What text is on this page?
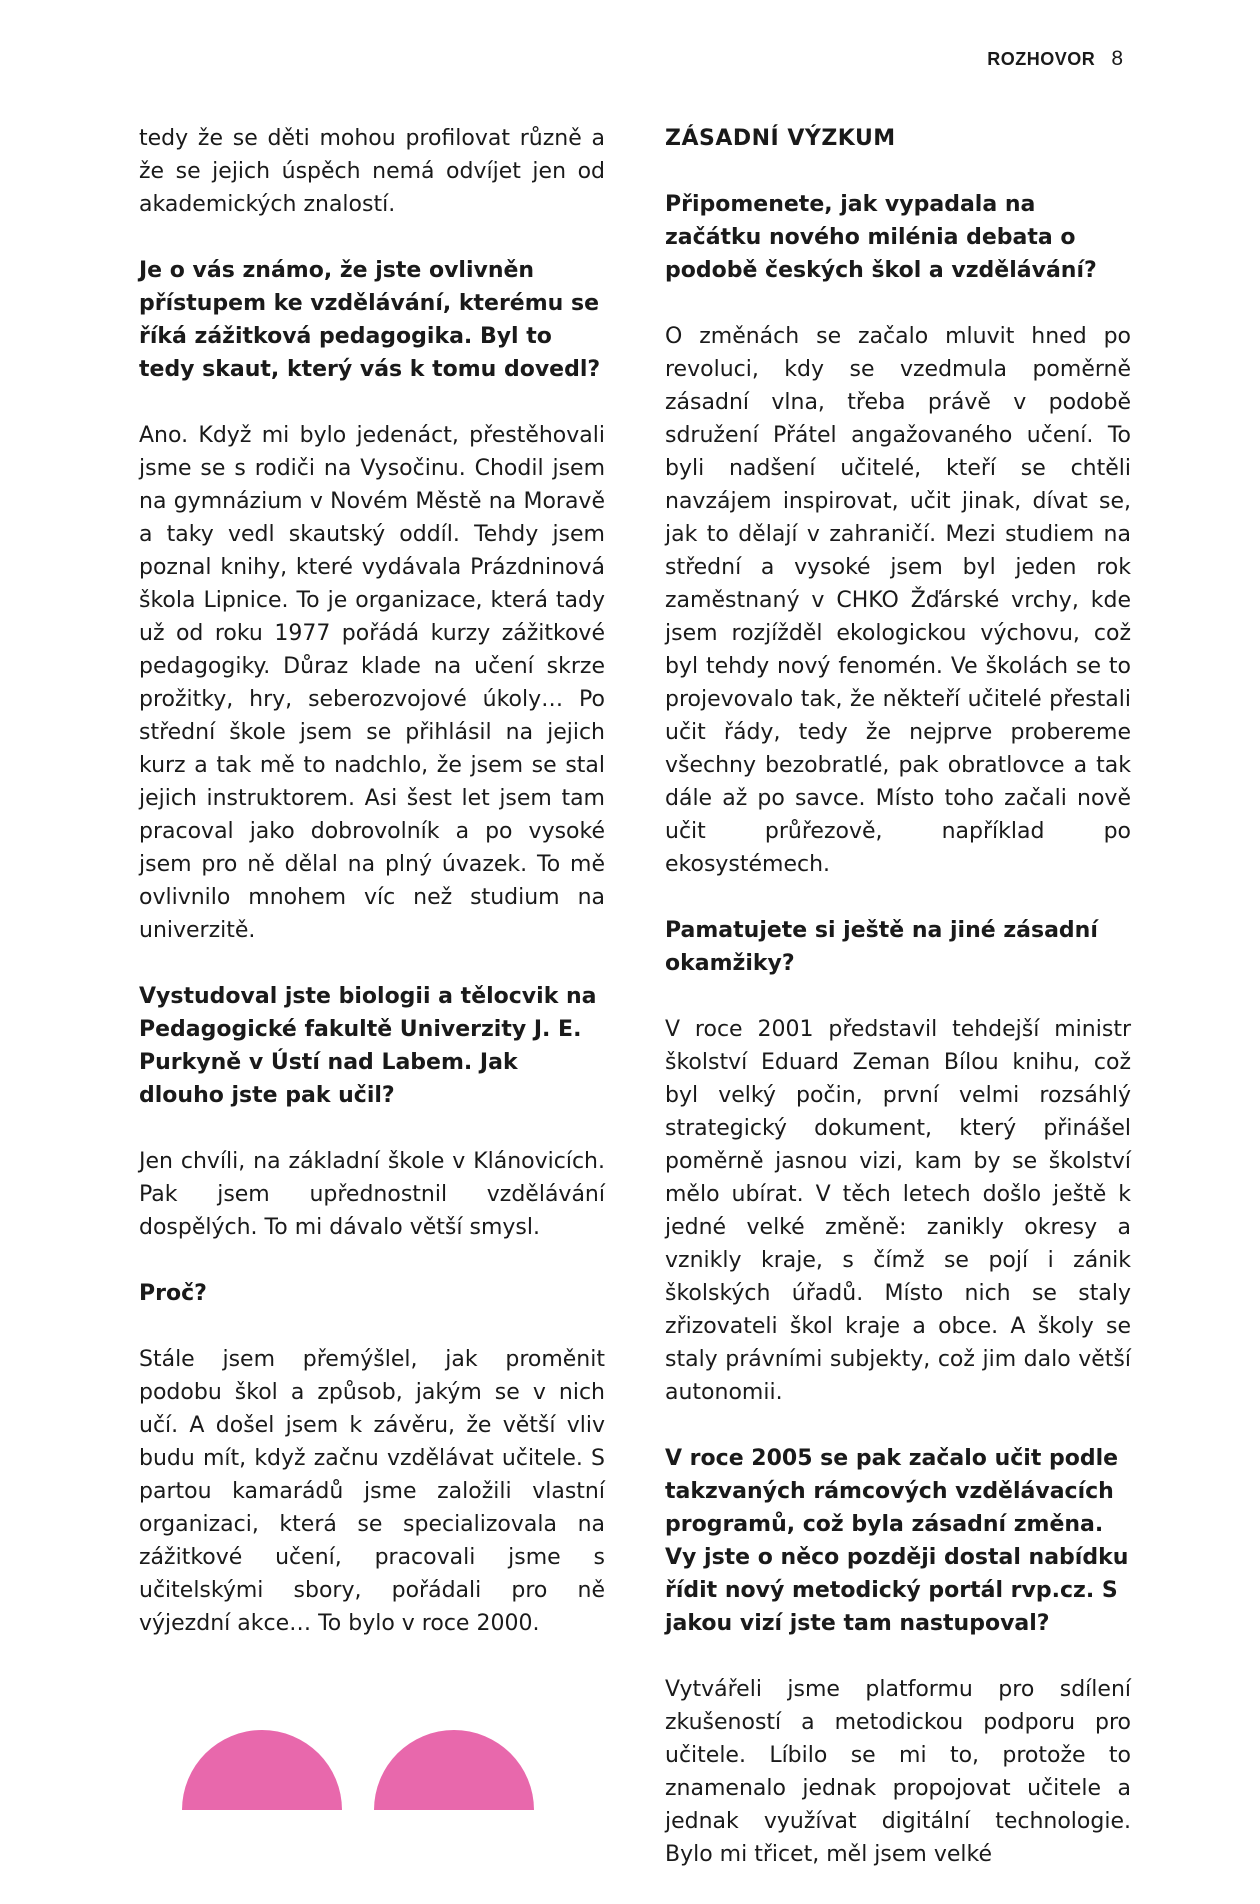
ROZHOVOR 8

tedy že se děti mohou profilovat různě a že se jejich úspěch nemá odvíjet jen od akademických znalostí.

Je o vás známo, že jste ovlivněn přístupem ke vzdělávání, kterému se říká zážitková pedagogika. Byl to tedy skaut, který vás k tomu dovedl?

Ano. Když mi bylo jedenáct, přestěhovali jsme se s rodiči na Vysočinu. Chodil jsem na gymnázium v Novém Městě na Moravě a taky vedl skautský oddíl. Tehdy jsem poznal knihy, které vydávala Prázdninová škola Lipnice. To je organizace, která tady už od roku 1977 pořádá kurzy zážitkové pedagogiky. Důraz klade na učení skrze prožitky, hry, seberozvojové úkoly… Po střední škole jsem se přihlásil na jejich kurz a tak mě to nadchlo, že jsem se stal jejich instruktorem. Asi šest let jsem tam pracoval jako dobrovolník a po vysoké jsem pro ně dělal na plný úvazek. To mě ovlivnilo mnohem víc než studium na univerzitě.

Vystudoval jste biologii a tělocvik na Pedagogické fakultě Univerzity J. E. Purkyně v Ústí nad Labem. Jak dlouho jste pak učil?

Jen chvíli, na základní škole v Klánovicích. Pak jsem upřednostnil vzdělávání dospělých. To mi dávalo větší smysl.

Proč?

Stále jsem přemýšlel, jak proměnit podobu škol a způsob, jakým se v nich učí. A došel jsem k závěru, že větší vliv budu mít, když začnu vzdělávat učitele. S partou kamarádů jsme založili vlastní organizaci, která se specializovala na zážitkové učení, pracovali jsme s učitelskými sbory, pořádali pro ně výjezdní akce… To bylo v roce 2000.

ZÁSADNÍ VÝZKUM

Připomenete, jak vypadala na začátku nového milénia debata o podobě českých škol a vzdělávání?

O změnách se začalo mluvit hned po revoluci, kdy se vzedmula poměrně zásadní vlna, třeba právě v podobě sdružení Přátel angažovaného učení. To byli nadšení učitelé, kteří se chtěli navzájem inspirovat, učit jinak, dívat se, jak to dělají v zahraničí. Mezi studiem na střední a vysoké jsem byl jeden rok zaměstnaný v CHKO Žďárské vrchy, kde jsem rozjížděl ekologickou výchovu, což byl tehdy nový fenomén. Ve školách se to projevovalo tak, že někteří učitelé přestali učit řády, tedy že nejprve probereme všechny bezobratlé, pak obratlovce a tak dále až po savce. Místo toho začali nově učit průřezově, například po ekosystémech.

Pamatujete si ještě na jiné zásadní okamžiky?

V roce 2001 představil tehdejší ministr školství Eduard Zeman Bílou knihu, což byl velký počin, první velmi rozsáhlý strategický dokument, který přinášel poměrně jasnou vizi, kam by se školství mělo ubírat. V těch letech došlo ještě k jedné velké změně: zanikly okresy a vznikly kraje, s čímž se pojí i zánik školských úřadů. Místo nich se staly zřizovateli škol kraje a obce. A školy se staly právními subjekty, což jim dalo větší autonomii.

V roce 2005 se pak začalo učit podle takzvaných rámcových vzdělávacích programů, což byla zásadní změna. Vy jste o něco později dostal nabídku řídit nový metodický portál rvp.cz. S jakou vizí jste tam nastupoval?

Vytvářeli jsme platformu pro sdílení zkušeností a metodickou podporu pro učitele. Líbilo se mi to, protože to znamenalo jednak propojovat učitele a jednak využívat digitální technologie. Bylo mi třicet, měl jsem velké
